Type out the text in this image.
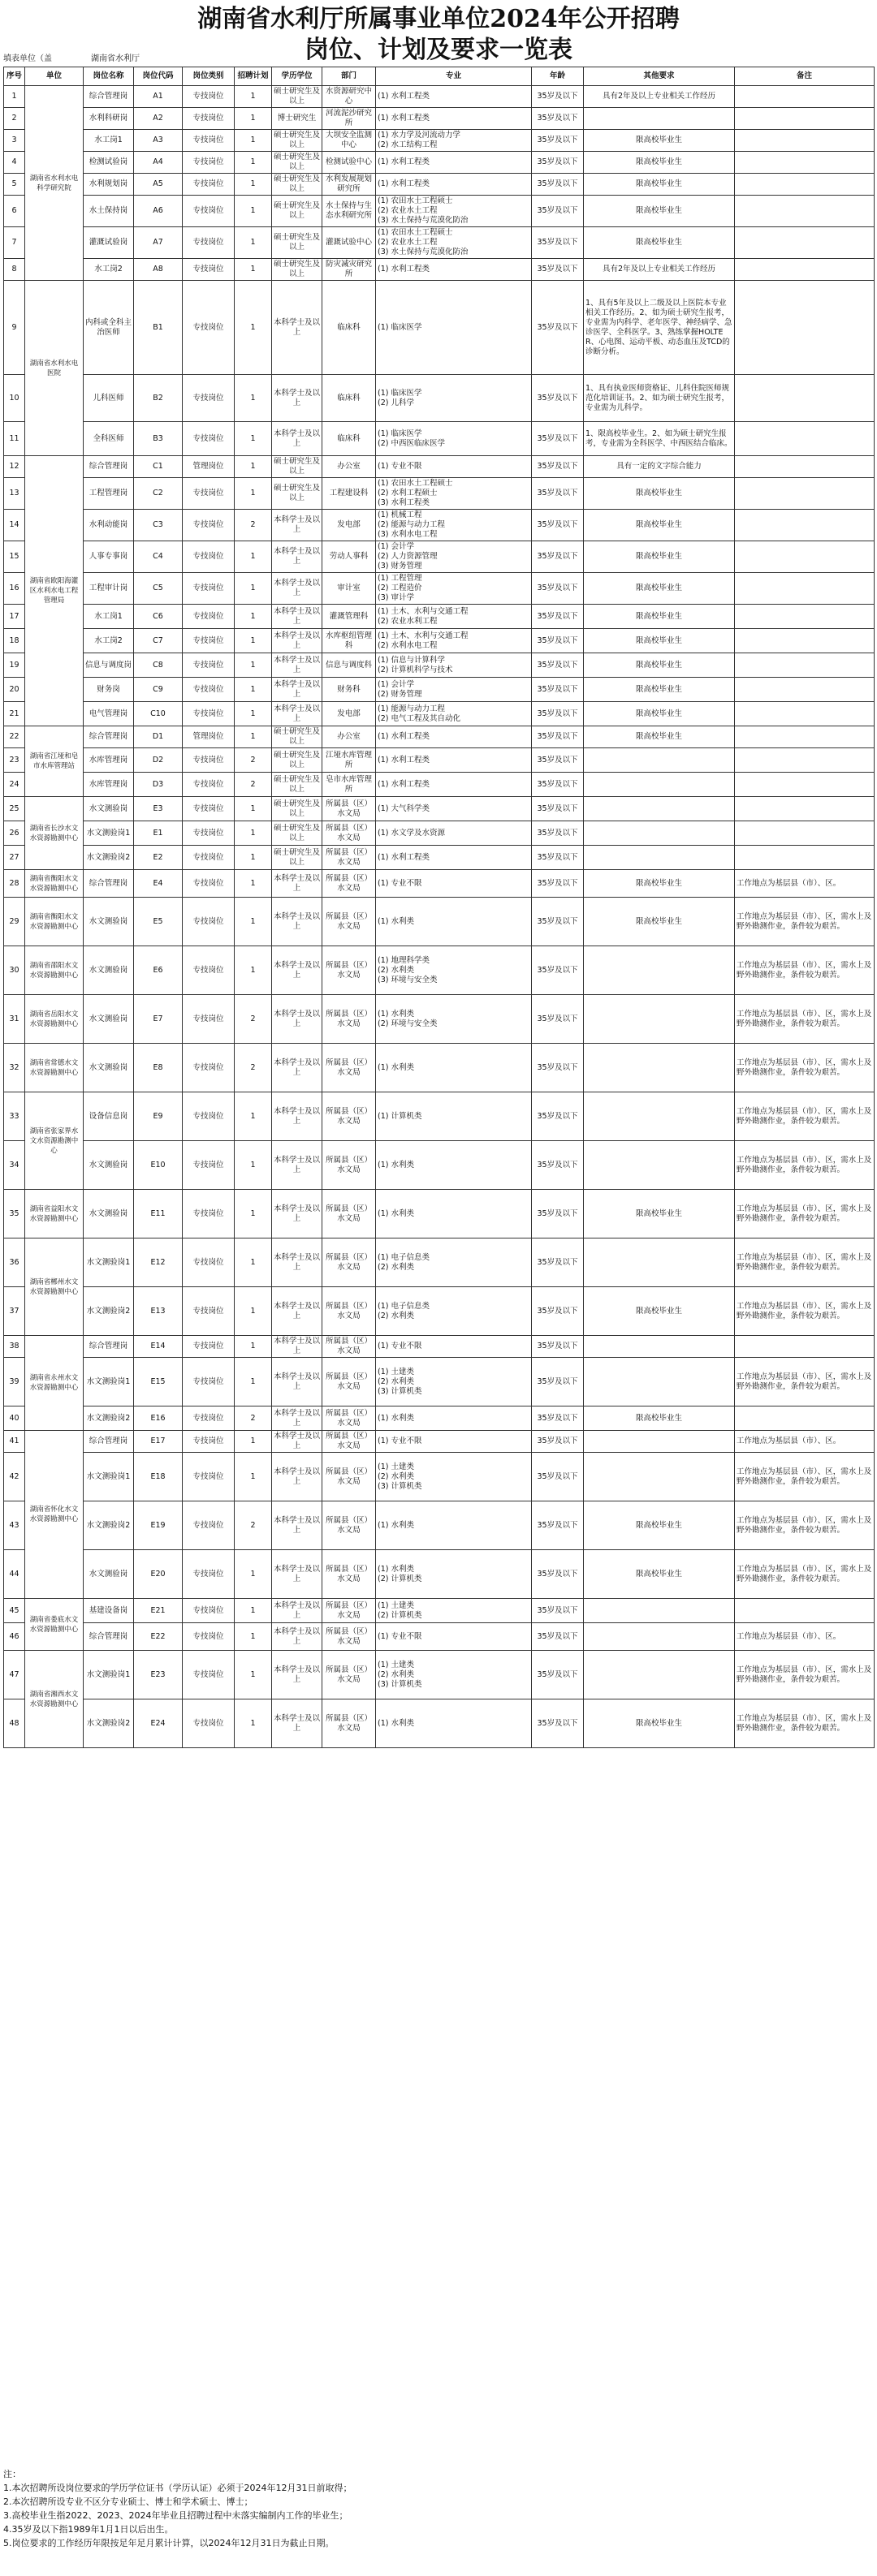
湖南省水利厅所属事业单位2024年公开招聘
岗位、计划及要求一览表
填表单位（盖	湖南省水利厅
序号	单位	岗位名称	岗位代码	岗位类别	招聘计划	学历学位	部门	专业	年龄	其他要求	备注
1	湖南省水利水电科学研究院	综合管理岗	A1	专技岗位	1	硕士研究生及以上	水资源研究中心	(1) 水利工程类	35岁及以下	具有2年及以上专业相关工作经历	
2		水利科研岗	A2	专技岗位	1	博士研究生	河流泥沙研究所	(1) 水利工程类	35岁及以下		
3		水工岗1	A3	专技岗位	1	硕士研究生及以上	大坝安全监测中心	(1) 水力学及河流动力学
(2) 水工结构工程	35岁及以下	限高校毕业生	
4		检测试验岗	A4	专技岗位	1	硕士研究生及以上	检测试验中心	(1) 水利工程类	35岁及以下	限高校毕业生	
5		水利规划岗	A5	专技岗位	1	硕士研究生及以上	水利发展规划研究所	(1) 水利工程类	35岁及以下	限高校毕业生	
6		水土保持岗	A6	专技岗位	1	硕士研究生及以上	水土保持与生态水利研究所	(1) 农田水土工程硕士
(2) 农业水土工程
(3) 水土保持与荒漠化防治	35岁及以下	限高校毕业生	
7		灌溉试验岗	A7	专技岗位	1	硕士研究生及以上	灌溉试验中心	(1) 农田水土工程硕士
(2) 农业水土工程
(3) 水土保持与荒漠化防治	35岁及以下	限高校毕业生	
8		水工岗2	A8	专技岗位	1	硕士研究生及以上	防灾减灾研究所	(1) 水利工程类	35岁及以下	具有2年及以上专业相关工作经历	
9	湖南省水利水电医院	内科或全科主治医师	B1	专技岗位	1	本科学士及以上	临床科	(1) 临床医学	35岁及以下	1、具有5年及以上二级及以上医院本专业相关工作经历。2、如为硕士研究生报考，专业需为内科学、老年医学、神经病学、急诊医学、全科医学。3、熟练掌握HOLTER、心电图、运动平板、动态血压及TCD的诊断分析。	
10		儿科医师	B2	专技岗位	1	本科学士及以上	临床科	(1) 临床医学
(2) 儿科学	35岁及以下	1、具有执业医师资格证、儿科住院医师规范化培训证书。2、如为硕士研究生报考，专业需为儿科学。	
11		全科医师	B3	专技岗位	1	本科学士及以上	临床科	(1) 临床医学
(2) 中西医临床医学	35岁及以下	1、限高校毕业生。2、如为硕士研究生报考，专业需为全科医学、中西医结合临床。	
12	湖南省欧阳海灌区水利水电工程管理局	综合管理岗	C1	管理岗位	1	硕士研究生及以上	办公室	(1) 专业不限	35岁及以下	具有一定的文字综合能力	
13		工程管理岗	C2	专技岗位	1	硕士研究生及以上	工程建设科	(1) 农田水土工程硕士
(2) 水利工程硕士
(3) 水利工程类	35岁及以下	限高校毕业生	
14		水利动能岗	C3	专技岗位	2	本科学士及以上	发电部	(1) 机械工程
(2) 能源与动力工程
(3) 水利水电工程	35岁及以下	限高校毕业生	
15		人事专事岗	C4	专技岗位	1	本科学士及以上	劳动人事科	(1) 会计学
(2) 人力资源管理
(3) 财务管理	35岁及以下	限高校毕业生	
16		工程审计岗	C5	专技岗位	1	本科学士及以上	审计室	(1) 工程管理
(2) 工程造价
(3) 审计学	35岁及以下	限高校毕业生	
17		水工岗1	C6	专技岗位	1	本科学士及以上	灌溉管理科	(1) 土木、水利与交通工程
(2) 农业水利工程	35岁及以下	限高校毕业生	
18		水工岗2	C7	专技岗位	1	本科学士及以上	水库枢纽管理科	(1) 土木、水利与交通工程
(2) 水利水电工程	35岁及以下	限高校毕业生	
19		信息与调度岗	C8	专技岗位	1	本科学士及以上	信息与调度科	(1) 信息与计算科学
(2) 计算机科学与技术	35岁及以下	限高校毕业生	
20		财务岗	C9	专技岗位	1	本科学士及以上	财务科	(1) 会计学
(2) 财务管理	35岁及以下	限高校毕业生	
21		电气管理岗	C10	专技岗位	1	本科学士及以上	发电部	(1) 能源与动力工程
(2) 电气工程及其自动化	35岁及以下	限高校毕业生	
22	湖南省江垭和皂市水库管理站	综合管理岗	D1	管理岗位	1	硕士研究生及以上	办公室	(1) 水利工程类	35岁及以下	限高校毕业生	
23		水库管理岗	D2	专技岗位	2	硕士研究生及以上	江垭水库管理所	(1) 水利工程类	35岁及以下		
24		水库管理岗	D3	专技岗位	2	硕士研究生及以上	皂市水库管理所	(1) 水利工程类	35岁及以下		
25	湖南省长沙水文水资源勘测中心	水文测验岗	E3	专技岗位	1	硕士研究生及以上	所属县（区）水文局	(1) 大气科学类	35岁及以下		
26		水文测验岗1	E1	专技岗位	1	硕士研究生及以上	所属县（区）水文局	(1) 水文学及水资源	35岁及以下		
27		水文测验岗2	E2	专技岗位	1	硕士研究生及以上	所属县（区）水文局	(1) 水利工程类	35岁及以下		
28	湖南省衡阳水文水资源勘测中心	综合管理岗	E4	专技岗位	1	本科学士及以上	所属县（区）水文局	(1) 专业不限	35岁及以下	限高校毕业生	工作地点为基层县（市）、区。
29	湖南省衡阳水文水资源勘测中心	水文测验岗	E5	专技岗位	1	本科学士及以上	所属县（区）水文局	(1) 水利类	35岁及以下	限高校毕业生	工作地点为基层县（市）、区，需水上及野外勘测作业，条件较为艰苦。
30	湖南省邵阳水文水资源勘测中心	水文测验岗	E6	专技岗位	1	本科学士及以上	所属县（区）水文局	(1) 地理科学类
(2) 水利类
(3) 环境与安全类	35岁及以下		工作地点为基层县（市）、区，需水上及野外勘测作业，条件较为艰苦。
31	湖南省岳阳水文水资源勘测中心	水文测验岗	E7	专技岗位	2	本科学士及以上	所属县（区）水文局	(1) 水利类
(2) 环境与安全类	35岁及以下		工作地点为基层县（市）、区，需水上及野外勘测作业，条件较为艰苦。
32	湖南省常德水文水资源勘测中心	水文测验岗	E8	专技岗位	2	本科学士及以上	所属县（区）水文局	(1) 水利类	35岁及以下		工作地点为基层县（市）、区，需水上及野外勘测作业，条件较为艰苦。
33	湖南省张家界水文水资源勘测中心	设备信息岗	E9	专技岗位	1	本科学士及以上	所属县（区）水文局	(1) 计算机类	35岁及以下		工作地点为基层县（市）、区，需水上及野外勘测作业，条件较为艰苦。
34		水文测验岗	E10	专技岗位	1	本科学士及以上	所属县（区）水文局	(1) 水利类	35岁及以下		工作地点为基层县（市）、区，需水上及野外勘测作业，条件较为艰苦。
35	湖南省益阳水文水资源勘测中心	水文测验岗	E11	专技岗位	1	本科学士及以上	所属县（区）水文局	(1) 水利类	35岁及以下	限高校毕业生	工作地点为基层县（市）、区，需水上及野外勘测作业，条件较为艰苦。
36	湖南省郴州水文水资源勘测中心	水文测验岗1	E12	专技岗位	1	本科学士及以上	所属县（区）水文局	(1) 电子信息类
(2) 水利类	35岁及以下		工作地点为基层县（市）、区，需水上及野外勘测作业，条件较为艰苦。
37		水文测验岗2	E13	专技岗位	1	本科学士及以上	所属县（区）水文局	(1) 电子信息类
(2) 水利类	35岁及以下	限高校毕业生	工作地点为基层县（市）、区，需水上及野外勘测作业，条件较为艰苦。
38	湖南省永州水文水资源勘测中心	综合管理岗	E14	专技岗位	1	本科学士及以上	所属县（区）水文局	(1) 专业不限	35岁及以下		
39		水文测验岗1	E15	专技岗位	1	本科学士及以上	所属县（区）水文局	(1) 土建类
(2) 水利类
(3) 计算机类	35岁及以下		工作地点为基层县（市）、区，需水上及野外勘测作业，条件较为艰苦。
40		水文测验岗2	E16	专技岗位	2	本科学士及以上	所属县（区）水文局	(1) 水利类	35岁及以下	限高校毕业生	
41	湖南省怀化水文水资源勘测中心	综合管理岗	E17	专技岗位	1	本科学士及以上	所属县（区）水文局	(1) 专业不限	35岁及以下		工作地点为基层县（市）、区。
42		水文测验岗1	E18	专技岗位	1	本科学士及以上	所属县（区）水文局	(1) 土建类
(2) 水利类
(3) 计算机类	35岁及以下		工作地点为基层县（市）、区，需水上及野外勘测作业，条件较为艰苦。
43		水文测验岗2	E19	专技岗位	2	本科学士及以上	所属县（区）水文局	(1) 水利类	35岁及以下	限高校毕业生	工作地点为基层县（市）、区，需水上及野外勘测作业，条件较为艰苦。
44		水文测验岗	E20	专技岗位	1	本科学士及以上	所属县（区）水文局	(1) 水利类
(2) 计算机类	35岁及以下	限高校毕业生	工作地点为基层县（市）、区，需水上及野外勘测作业，条件较为艰苦。
45	湖南省娄底水文水资源勘测中心	基建设备岗	E21	专技岗位	1	本科学士及以上	所属县（区）水文局	(1) 土建类
(2) 计算机类	35岁及以下		
46		综合管理岗	E22	专技岗位	1	本科学士及以上	所属县（区）水文局	(1) 专业不限	35岁及以下		工作地点为基层县（市）、区。
47	湖南省湘西水文水资源勘测中心	水文测验岗1	E23	专技岗位	1	本科学士及以上	所属县（区）水文局	(1) 土建类
(2) 水利类
(3) 计算机类	35岁及以下		工作地点为基层县（市）、区，需水上及野外勘测作业，条件较为艰苦。
48		水文测验岗2	E24	专技岗位	1	本科学士及以上	所属县（区）水文局	(1) 水利类	35岁及以下	限高校毕业生	工作地点为基层县（市）、区，需水上及野外勘测作业，条件较为艰苦。
注：
1.本次招聘所设岗位要求的学历学位证书（学历认证）必须于2024年12月31日前取得；
2.本次招聘所设专业不区分专业硕士、博士和学术硕士、博士；
3.高校毕业生指2022、2023、2024年毕业且招聘过程中未落实编制内工作的毕业生；
4.35岁及以下指1989年1月1日以后出生。
5.岗位要求的工作经历年限按足年足月累计计算，以2024年12月31日为截止日期。
